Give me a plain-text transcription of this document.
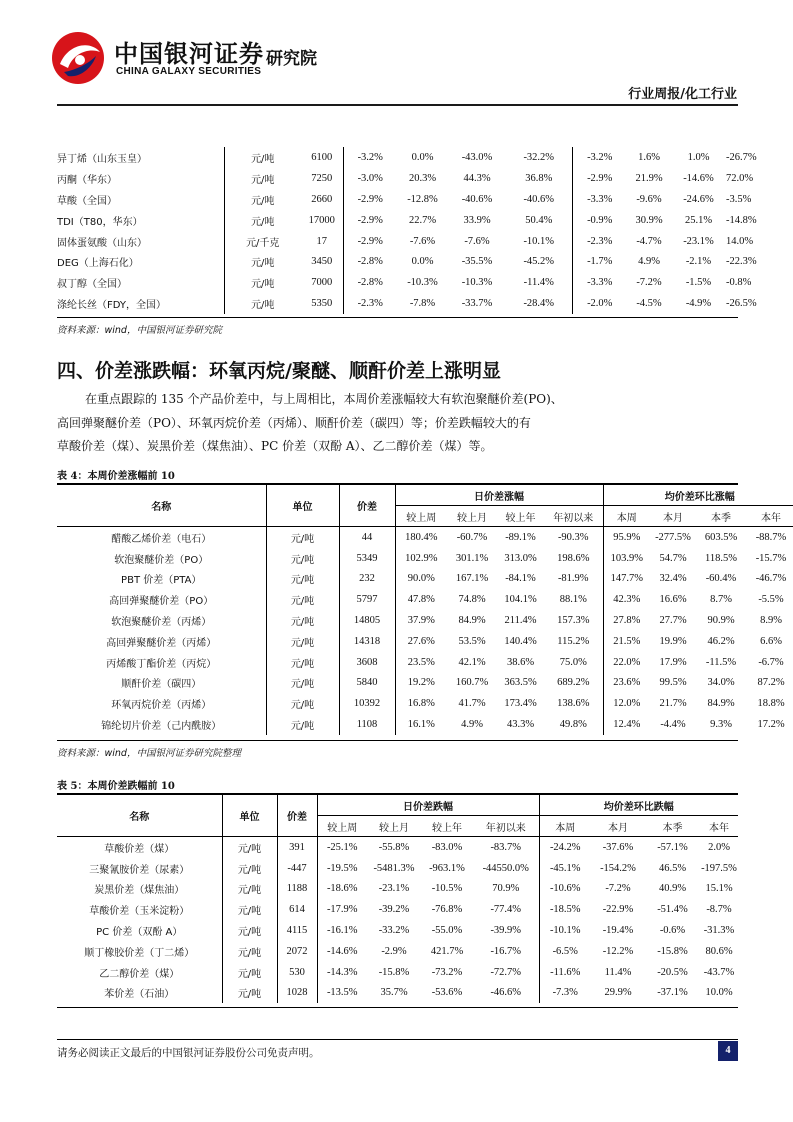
中国银河证券
CHINA GALAXY SECURITIES
研究院
行业周报/化工行业
异丁烯（山东玉皇）	元/吨	6100	-3.2%	0.0%	-43.0%	-32.2%	-3.2%	1.6%	1.0%	-26.7%
丙酮（华东）	元/吨	7250	-3.0%	20.3%	44.3%	36.8%	-2.9%	21.9%	-14.6%	72.0%
草酸（全国）	元/吨	2660	-2.9%	-12.8%	-40.6%	-40.6%	-3.3%	-9.6%	-24.6%	-3.5%
TDI（T80，华东）	元/吨	17000	-2.9%	22.7%	33.9%	50.4%	-0.9%	30.9%	25.1%	-14.8%
固体蛋氨酸（山东）	元/千克	17	-2.9%	-7.6%	-7.6%	-10.1%	-2.3%	-4.7%	-23.1%	14.0%
DEG（上海石化）	元/吨	3450	-2.8%	0.0%	-35.5%	-45.2%	-1.7%	4.9%	-2.1%	-22.3%
叔丁醇（全国）	元/吨	7000	-2.8%	-10.3%	-10.3%	-11.4%	-3.3%	-7.2%	-1.5%	-0.8%
涤纶长丝（FDY，全国）	元/吨	5350	-2.3%	-7.8%	-33.7%	-28.4%	-2.0%	-4.5%	-4.9%	-26.5%
资料来源：wind，中国银河证券研究院
四、价差涨跌幅：环氧丙烷/聚醚、顺酐价差上涨明显
在重点跟踪的 135 个产品价差中，与上周相比，本周价差涨幅较大有软泡聚醚价差(PO)、
高回弹聚醚价差（PO）、环氧丙烷价差（丙烯）、顺酐价差（碳四）等；价差跌幅较大的有
草酸价差（煤）、炭黑价差（煤焦油）、PC 价差（双酚 A）、乙二醇价差（煤）等。
表 4：本周价差涨幅前 10
名称	单位	价差	日价差涨幅				均价差环比涨幅			
			较上周	较上月	较上年	年初以来	本周	本月	本季	本年
醋酸乙烯价差（电石）	元/吨	44	180.4%	-60.7%	-89.1%	-90.3%	95.9%	-277.5%	603.5%	-88.7%
软泡聚醚价差（PO）	元/吨	5349	102.9%	301.1%	313.0%	198.6%	103.9%	54.7%	118.5%	-15.7%
PBT 价差（PTA）	元/吨	232	90.0%	167.1%	-84.1%	-81.9%	147.7%	32.4%	-60.4%	-46.7%
高回弹聚醚价差（PO）	元/吨	5797	47.8%	74.8%	104.1%	88.1%	42.3%	16.6%	8.7%	-5.5%
软泡聚醚价差（丙烯）	元/吨	14805	37.9%	84.9%	211.4%	157.3%	27.8%	27.7%	90.9%	8.9%
高回弹聚醚价差（丙烯）	元/吨	14318	27.6%	53.5%	140.4%	115.2%	21.5%	19.9%	46.2%	6.6%
丙烯酸丁酯价差（丙烷）	元/吨	3608	23.5%	42.1%	38.6%	75.0%	22.0%	17.9%	-11.5%	-6.7%
顺酐价差（碳四）	元/吨	5840	19.2%	160.7%	363.5%	689.2%	23.6%	99.5%	34.0%	87.2%
环氧丙烷价差（丙烯）	元/吨	10392	16.8%	41.7%	173.4%	138.6%	12.0%	21.7%	84.9%	18.8%
锦纶切片价差（己内酰胺）	元/吨	1108	16.1%	4.9%	43.3%	49.8%	12.4%	-4.4%	9.3%	17.2%
资料来源：wind，中国银河证券研究院整理
表 5：本周价差跌幅前 10
名称	单位	价差	日价差跌幅				均价差环比跌幅			
			较上周	较上月	较上年	年初以来	本周	本月	本季	本年
草酸价差（煤）	元/吨	391	-25.1%	-55.8%	-83.0%	-83.7%	-24.2%	-37.6%	-57.1%	2.0%
三聚氰胺价差（尿素）	元/吨	-447	-19.5%	-5481.3%	-963.1%	-44550.0%	-45.1%	-154.2%	46.5%	-197.5%
炭黑价差（煤焦油）	元/吨	1188	-18.6%	-23.1%	-10.5%	70.9%	-10.6%	-7.2%	40.9%	15.1%
草酸价差（玉米淀粉）	元/吨	614	-17.9%	-39.2%	-76.8%	-77.4%	-18.5%	-22.9%	-51.4%	-8.7%
PC 价差（双酚 A）	元/吨	4115	-16.1%	-33.2%	-55.0%	-39.9%	-10.1%	-19.4%	-0.6%	-31.3%
顺丁橡胶价差（丁二烯）	元/吨	2072	-14.6%	-2.9%	421.7%	-16.7%	-6.5%	-12.2%	-15.8%	80.6%
乙二醇价差（煤）	元/吨	530	-14.3%	-15.8%	-73.2%	-72.7%	-11.6%	11.4%	-20.5%	-43.7%
苯价差（石油）	元/吨	1028	-13.5%	35.7%	-53.6%	-46.6%	-7.3%	29.9%	-37.1%	10.0%
请务必阅读正文最后的中国银河证券股份公司免责声明。	4
